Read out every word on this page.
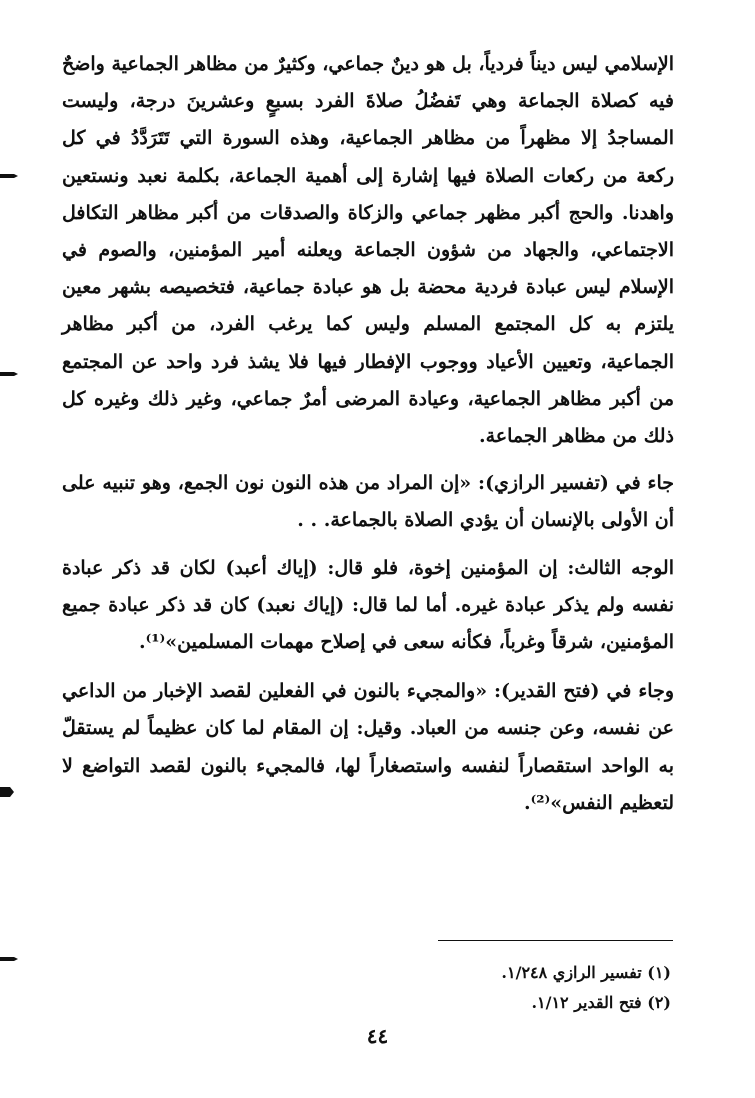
الإسلامي ليس ديناً فردياً، بل هو دينٌ جماعي، وكثيرٌ من مظاهر الجماعية واضحٌ فيه كصلاة الجماعة وهي تَفضُلُ صلاةَ الفرد بسبعٍ وعشرينَ درجة، وليست المساجدُ إلا مظهراً من مظاهر الجماعية، وهذه السورة التي تَتَرَدَّدُ في كل ركعة من ركعات الصلاة فيها إشارة إلى أهمية الجماعة، بكلمة نعبد ونستعين واهدنا. والحج أكبر مظهر جماعي والزكاة والصدقات من أكبر مظاهر التكافل الاجتماعي، والجهاد من شؤون الجماعة ويعلنه أمير المؤمنين، والصوم في الإسلام ليس عبادة فردية محضة بل هو عبادة جماعية، فتخصيصه بشهر معين يلتزم به كل المجتمع المسلم وليس كما يرغب الفرد، من أكبر مظاهر الجماعية، وتعيين الأعياد ووجوب الإفطار فيها فلا يشذ فرد واحد عن المجتمع من أكبر مظاهر الجماعية، وعيادة المرضى أمرٌ جماعي، وغير ذلك وغيره كل ذلك من مظاهر الجماعة.

جاء في (تفسير الرازي): «إن المراد من هذه النون نون الجمع، وهو تنبيه على أن الأولى بالإنسان أن يؤدي الصلاة بالجماعة. . .

الوجه الثالث: إن المؤمنين إخوة، فلو قال: (إياك أعبد) لكان قد ذكر عبادة نفسه ولم يذكر عبادة غيره. أما لما قال: (إياك نعبد) كان قد ذكر عبادة جميع المؤمنين، شرقاً وغرباً، فكأنه سعى في إصلاح مهمات المسلمين»⁽¹⁾.

وجاء في (فتح القدير): «والمجيء بالنون في الفعلين لقصد الإخبار من الداعي عن نفسه، وعن جنسه من العباد. وقيل: إن المقام لما كان عظيماً لم يستقلّ به الواحد استقصاراً لنفسه واستصغاراً لها، فالمجيء بالنون لقصد التواضع لا لتعظيم النفس»⁽²⁾.

(١) تفسير الرازي ١/٢٤٨.

(٢) فتح القدير ١/١٢.

٤٤
